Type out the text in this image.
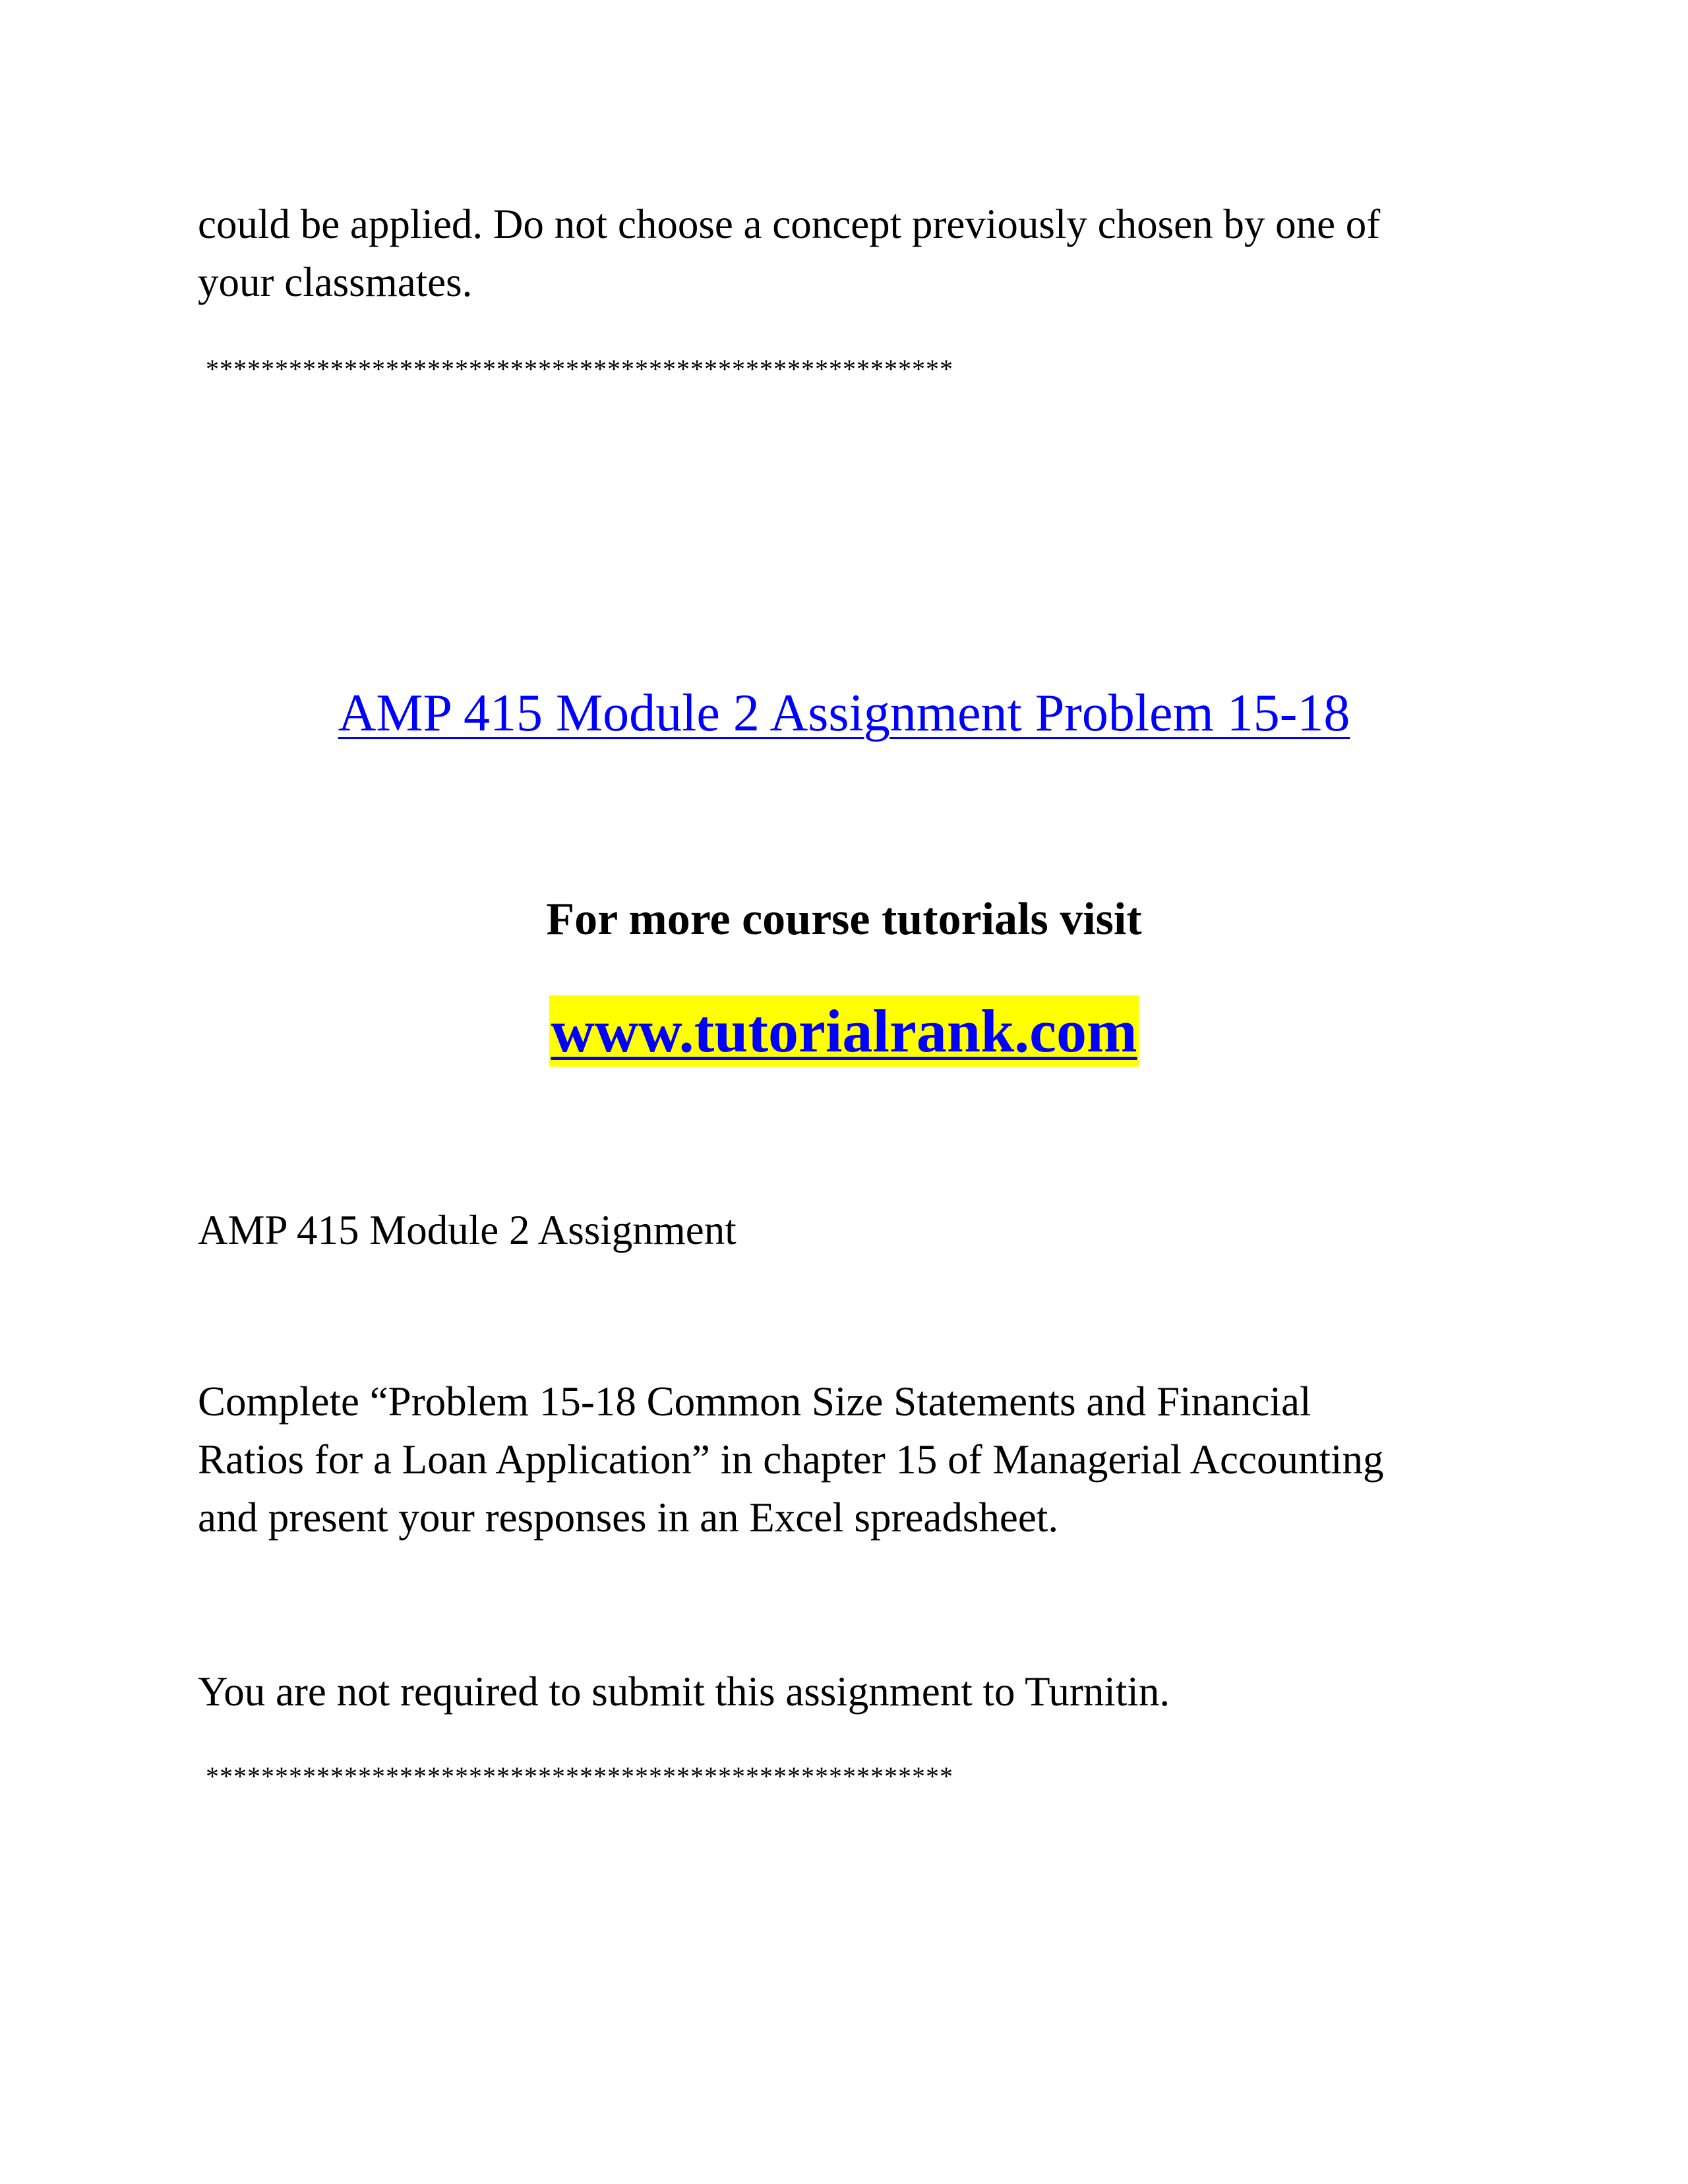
could be applied. Do not choose a concept previously chosen by one of
your classmates.
******************************************************
AMP 415 Module 2 Assignment Problem 15-18
For more course tutorials visit
www.tutorialrank.com
AMP 415 Module 2 Assignment
Complete “Problem 15-18 Common Size Statements and Financial
Ratios for a Loan Application” in chapter 15 of Managerial Accounting
and present your responses in an Excel spreadsheet.
You are not required to submit this assignment to Turnitin.
******************************************************
